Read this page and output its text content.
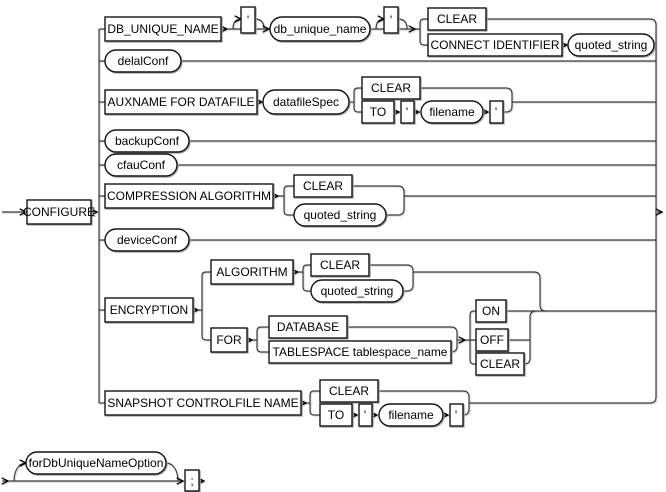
CONFIGURE
DB_UNIQUE_NAME
'
db_unique_name
'	CLEAR
CONNECT IDENTIFIER quoted_string
delalConf
AUXNAME FOR DATAFILE datafileSpec
CLEAR
TO ' filename '
backupConf
cfauConf
COMPRESSION ALGORITHM
CLEAR
quoted_string
deviceConf
ENCRYPTION
ALGORITHM	CLEAR
quoted_string
FOR
DATABASE
TABLESPACE tablespace_name
ON
OFF
CLEAR
SNAPSHOT CONTROLFILE NAME
CLEAR
TO ' filename '
forDbUniqueNameOption
;
